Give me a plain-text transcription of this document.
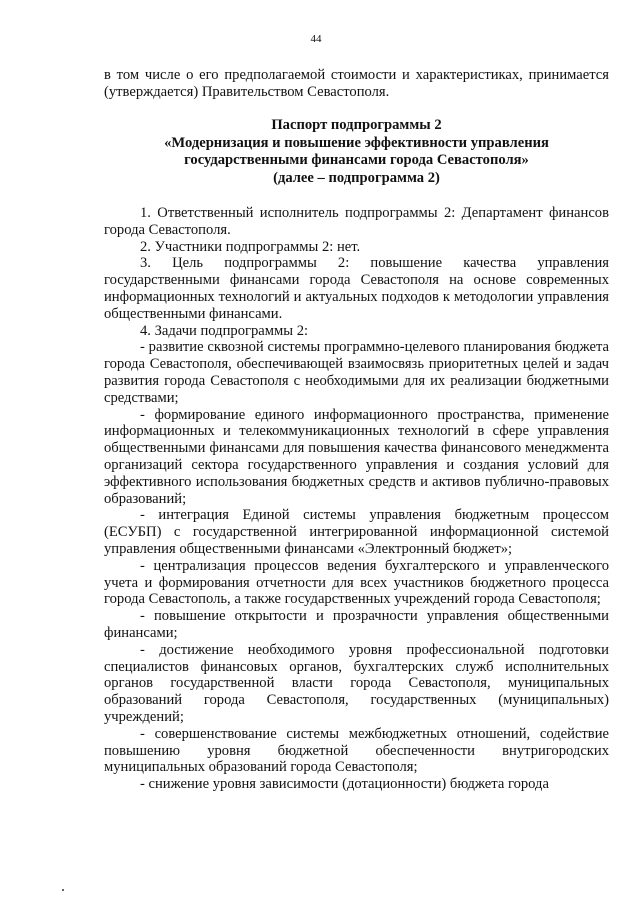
44

в том числе о его предполагаемой стоимости и характеристиках, принимается (утверждается) Правительством Севастополя.

Паспорт подпрограммы 2
«Модернизация и повышение эффективности управления
государственными финансами города Севастополя»
(далее – подпрограмма 2)

1. Ответственный исполнитель подпрограммы 2: Департамент финансов города Севастополя.

2. Участники подпрограммы 2: нет.

3. Цель подпрограммы 2: повышение качества управления государственными финансами города Севастополя на основе современных информационных технологий и актуальных подходов к методологии управления общественными финансами.

4. Задачи подпрограммы 2:

- развитие сквозной системы программно-целевого планирования бюджета города Севастополя, обеспечивающей взаимосвязь приоритетных целей и задач развития города Севастополя с необходимыми для их реализации бюджетными средствами;

- формирование единого информационного пространства, применение информационных и телекоммуникационных технологий в сфере управления общественными финансами для повышения качества финансового менеджмента организаций сектора государственного управления и создания условий для эффективного использования бюджетных средств и активов публично-правовых образований;

- интеграция Единой системы управления бюджетным процессом (ЕСУБП) с государственной интегрированной информационной системой управления общественными финансами «Электронный бюджет»;

- централизация процессов ведения бухгалтерского и управленческого учета и формирования отчетности для всех участников бюджетного процесса города Севастополь, а также государственных учреждений города Севастополя;

- повышение открытости и прозрачности управления общественными финансами;

- достижение необходимого уровня профессиональной подготовки специалистов финансовых органов, бухгалтерских служб исполнительных органов государственной власти города Севастополя, муниципальных образований города Севастополя, государственных (муниципальных) учреждений;

- совершенствование системы межбюджетных отношений, содействие повышению уровня бюджетной обеспеченности внутригородских муниципальных образований города Севастополя;

- снижение уровня зависимости (дотационности) бюджета города
